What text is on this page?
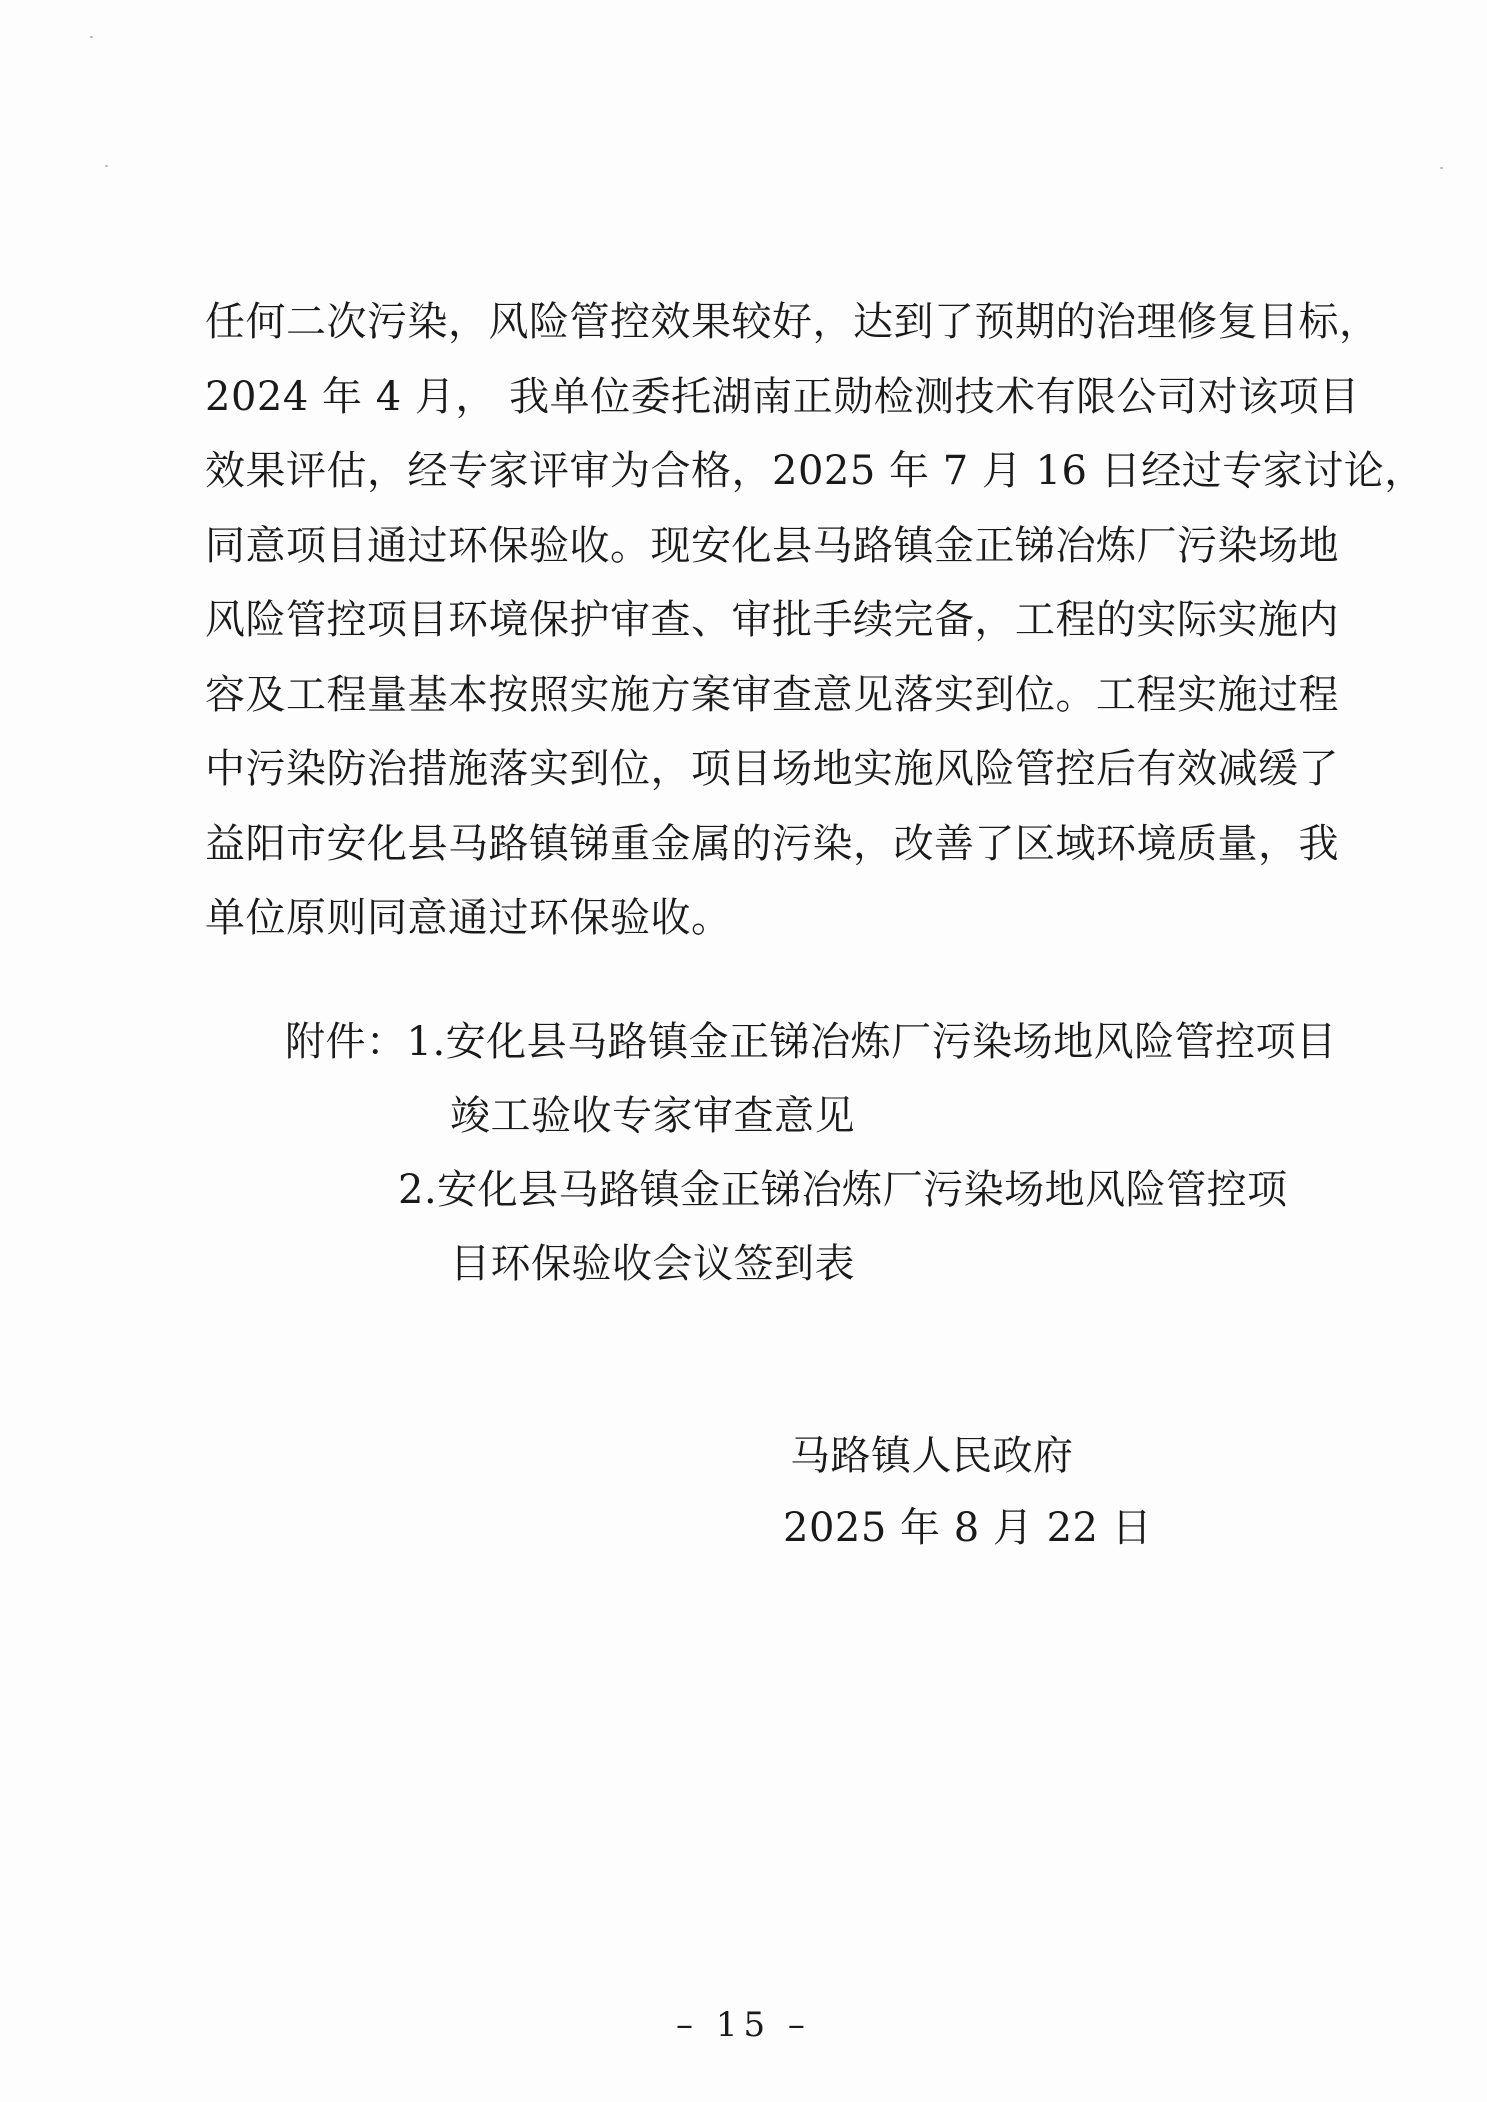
任何二次污染，风险管控效果较好，达到了预期的治理修复目标，
2024 年 4 月， 我单位委托湖南正勋检测技术有限公司对该项目
效果评估，经专家评审为合格，2025 年 7 月 16 日经过专家讨论，
同意项目通过环保验收。现安化县马路镇金正锑冶炼厂污染场地
风险管控项目环境保护审查、审批手续完备，工程的实际实施内
容及工程量基本按照实施方案审查意见落实到位。工程实施过程
中污染防治措施落实到位，项目场地实施风险管控后有效减缓了
益阳市安化县马路镇锑重金属的污染，改善了区域环境质量，我
单位原则同意通过环保验收。
附件：1.安化县马路镇金正锑冶炼厂污染场地风险管控项目
竣工验收专家审查意见
2.安化县马路镇金正锑冶炼厂污染场地风险管控项
目环保验收会议签到表
马路镇人民政府
2025 年 8 月 22 日
– 15 –
